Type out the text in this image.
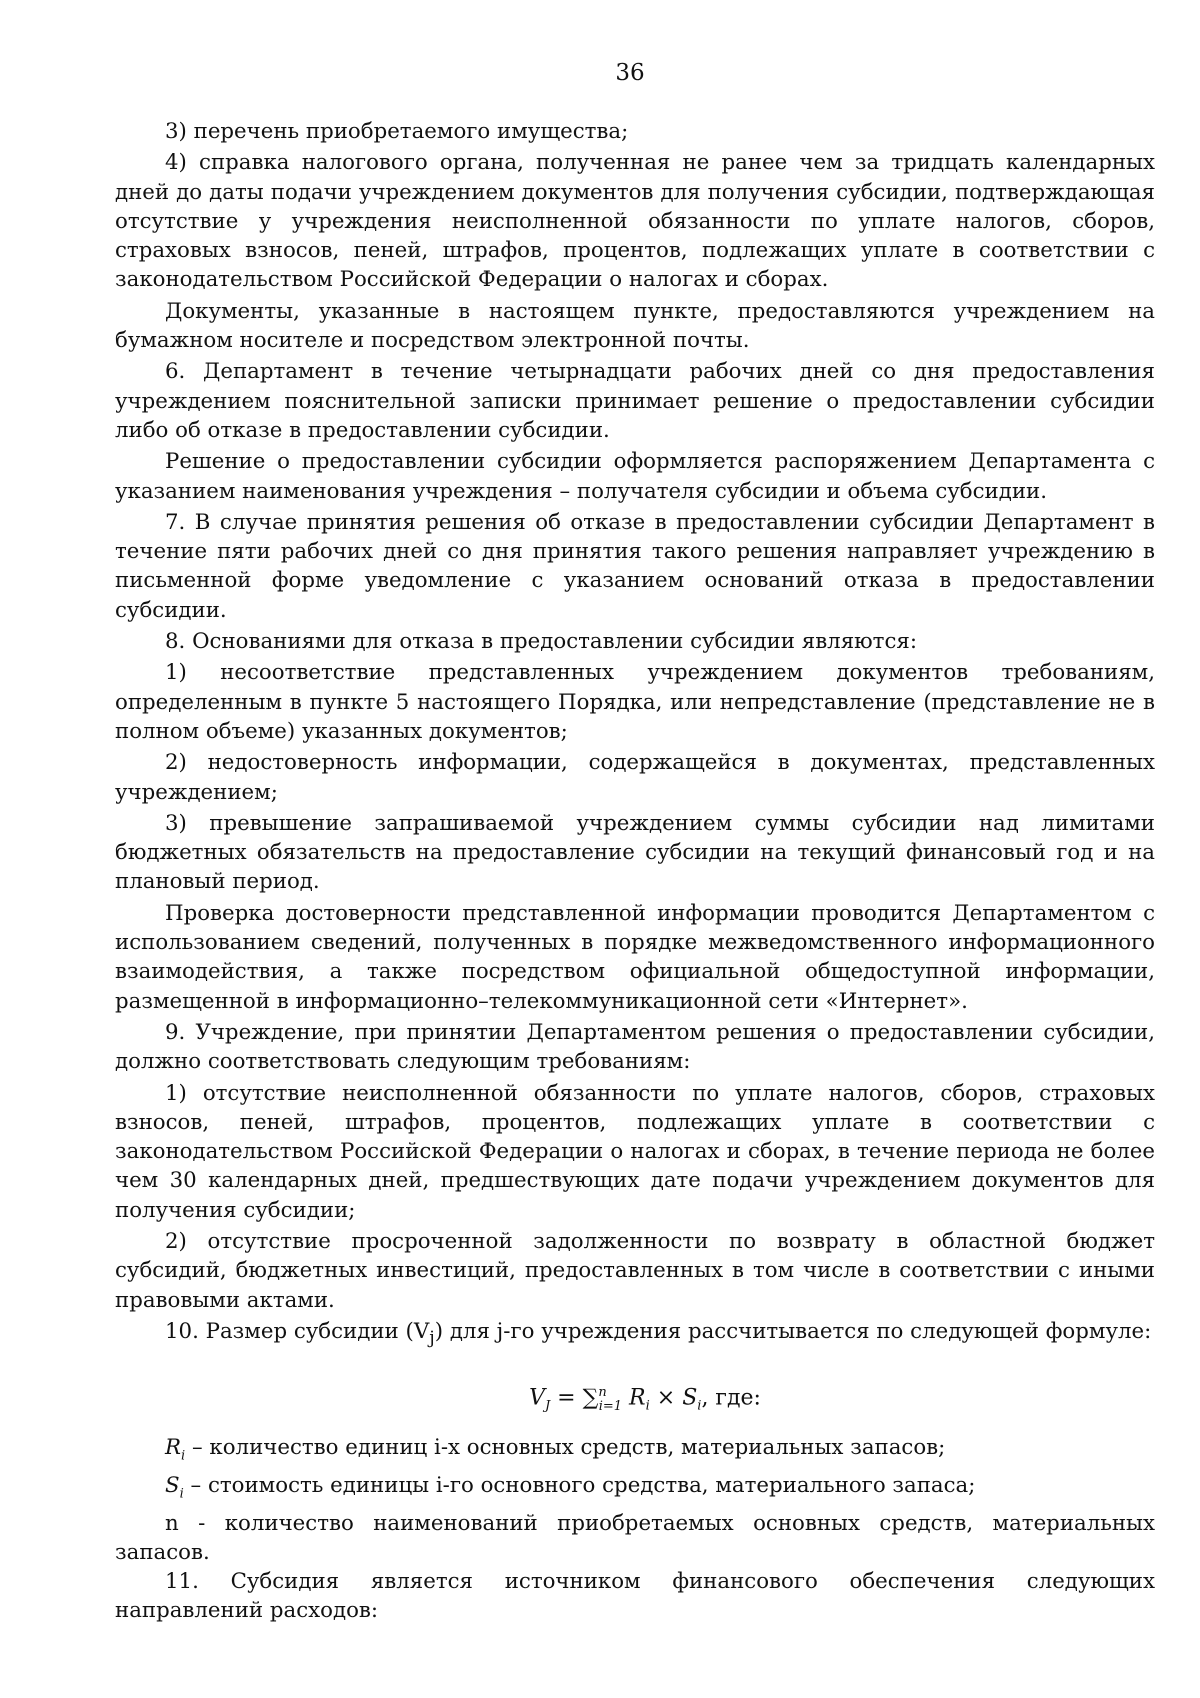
36

3) перечень приобретаемого имущества;

4) справка налогового органа, полученная не ранее чем за тридцать календарных дней до даты подачи учреждением документов для получения субсидии, подтверждающая отсутствие у учреждения неисполненной обязанности по уплате налогов, сборов, страховых взносов, пеней, штрафов, процентов, подлежащих уплате в соответствии с законодательством Российской Федерации о налогах и сборах.

Документы, указанные в настоящем пункте, предоставляются учреждением на бумажном носителе и посредством электронной почты.

6. Департамент в течение четырнадцати рабочих дней со дня предоставления учреждением пояснительной записки принимает решение о предоставлении субсидии либо об отказе в предоставлении субсидии.

Решение о предоставлении субсидии оформляется распоряжением Департамента с указанием наименования учреждения – получателя субсидии и объема субсидии.

7. В случае принятия решения об отказе в предоставлении субсидии Департамент в течение пяти рабочих дней со дня принятия такого решения направляет учреждению в письменной форме уведомление с указанием оснований отказа в предоставлении субсидии.

8. Основаниями для отказа в предоставлении субсидии являются:

1) несоответствие представленных учреждением документов требованиям, определенным в пункте 5 настоящего Порядка, или непредставление (представление не в полном объеме) указанных документов;

2) недостоверность информации, содержащейся в документах, представленных учреждением;

3) превышение запрашиваемой учреждением суммы субсидии над лимитами бюджетных обязательств на предоставление субсидии на текущий финансовый год и на плановый период.

Проверка достоверности представленной информации проводится Департаментом с использованием сведений, полученных в порядке межведомственного информационного взаимодействия, а также посредством официальной общедоступной информации, размещенной в информационно–телекоммуникационной сети «Интернет».

9. Учреждение, при принятии Департаментом решения о предоставлении субсидии, должно соответствовать следующим требованиям:

1) отсутствие неисполненной обязанности по уплате налогов, сборов, страховых взносов, пеней, штрафов, процентов, подлежащих уплате в соответствии с законодательством Российской Федерации о налогах и сборах, в течение периода не более чем 30 календарных дней, предшествующих дате подачи учреждением документов для получения субсидии;

2) отсутствие просроченной задолженности по возврату в областной бюджет субсидий, бюджетных инвестиций, предоставленных в том числе в соответствии с иными правовыми актами.

10. Размер субсидии $(V_j)$ для j-го учреждения рассчитывается по следующей формуле:

$V_J = \sum^n_{i=1}$ $R_i \times S_i$, где:

$R_i$ – количество единиц i-х основных средств, материальных запасов;

$S_i$ – стоимость единицы i-го основного средства, материального запаса;

n - количество наименований приобретаемых основных средств, материальных запасов.

11. Субсидия является источником финансового обеспечения следующих направлений расходов:
